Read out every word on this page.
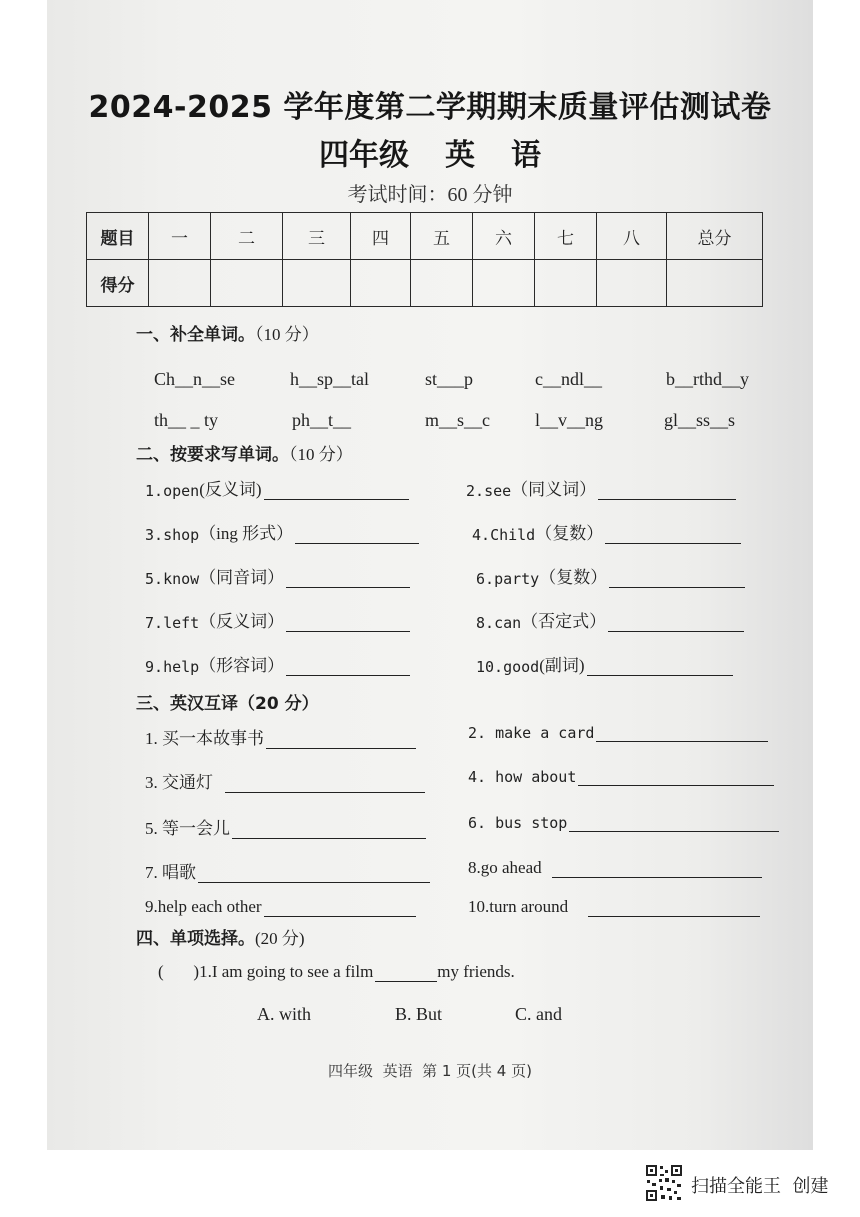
2024-2025 学年度第二学期期末质量评估测试卷
四年级 英 语
考试时间：60 分钟
题目	一	二	三	四	五	六	七	八	总分
得分									
一、补全单词。（10 分）
Ch__n__se	h__sp__tal	st___p	c__ndl__	b__rthd__y
th__ _ ty	ph__t__	m__s__c	l__v__ng	gl__ss__s
二、按要求写单词。（10 分）
1. open (反义词)	2. see （同义词）
3. shop （ing 形式）	4. Child （复数）
5. know （同音词）	6. party （复数）
7. left （反义词）	8. can （否定式）
9. help （形容词）	10. good (副词)
三、英汉互译（20 分）
1. 买一本故事书	2. make a card
3. 交通灯	4. how about
5. 等一会儿	6. bus stop
7. 唱歌	8.go ahead
9.help each other	10.turn around
四、单项选择。(20 分)
(       ) 1.I am going to see a film	my friends.
A. with	B. But	C. and
四年级  英语  第 1 页(共 4 页)
扫描全能王  创建
